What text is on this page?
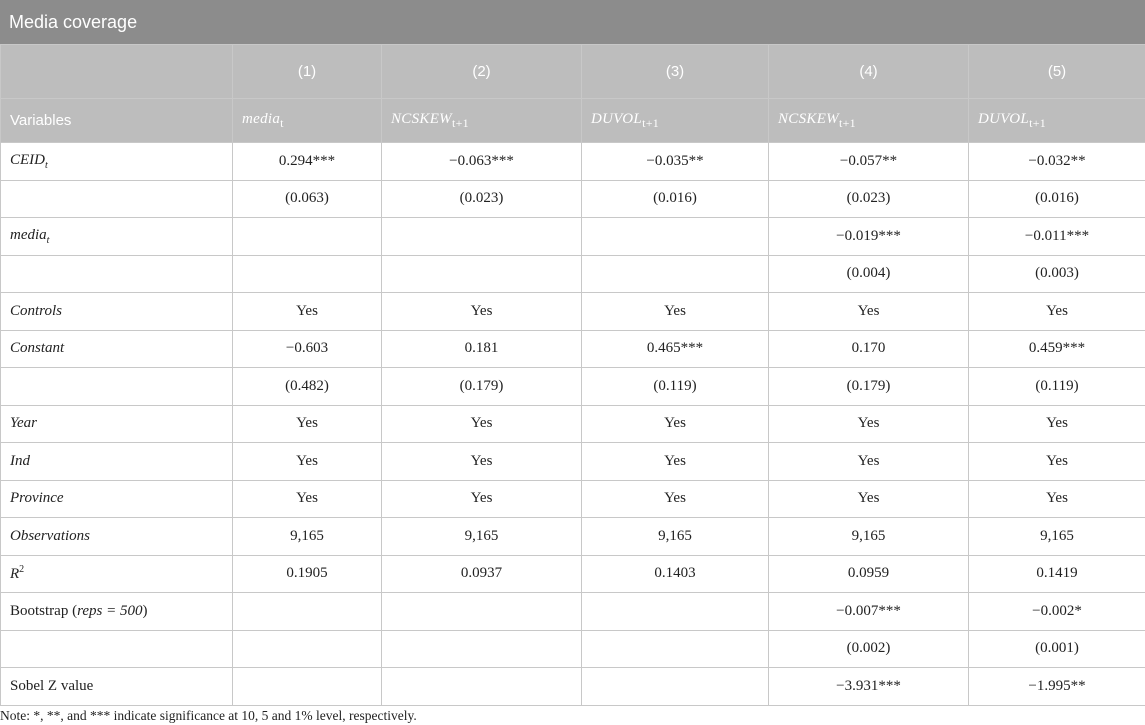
Media coverage
	(1)	(2)	(3)	(4)	(5)
Variables	media$_t$	$NCSKEW_{t+1}$	$DUVOL_{t+1}$	$NCSKEW_{t+1}$	$DUVOL_{t+1}$
$CEID_t$	0.294***	−0.063***	−0.035**	−0.057**	−0.032**
	(0.063)	(0.023)	(0.016)	(0.023)	(0.016)
media$_t$				−0.019***	−0.011***
				(0.004)	(0.003)
Controls	Yes	Yes	Yes	Yes	Yes
Constant	−0.603	0.181	0.465***	0.170	0.459***
	(0.482)	(0.179)	(0.119)	(0.179)	(0.119)
Year	Yes	Yes	Yes	Yes	Yes
Ind	Yes	Yes	Yes	Yes	Yes
Province	Yes	Yes	Yes	Yes	Yes
Observations	9,165	9,165	9,165	9,165	9,165
$R^2$	0.1905	0.0937	0.1403	0.0959	0.1419
Bootstrap (reps = 500)				−0.007***	−0.002*
				(0.002)	(0.001)
Sobel Z value				−3.931***	−1.995**
Note: *, **, and *** indicate significance at 10, 5 and 1% level, respectively.
